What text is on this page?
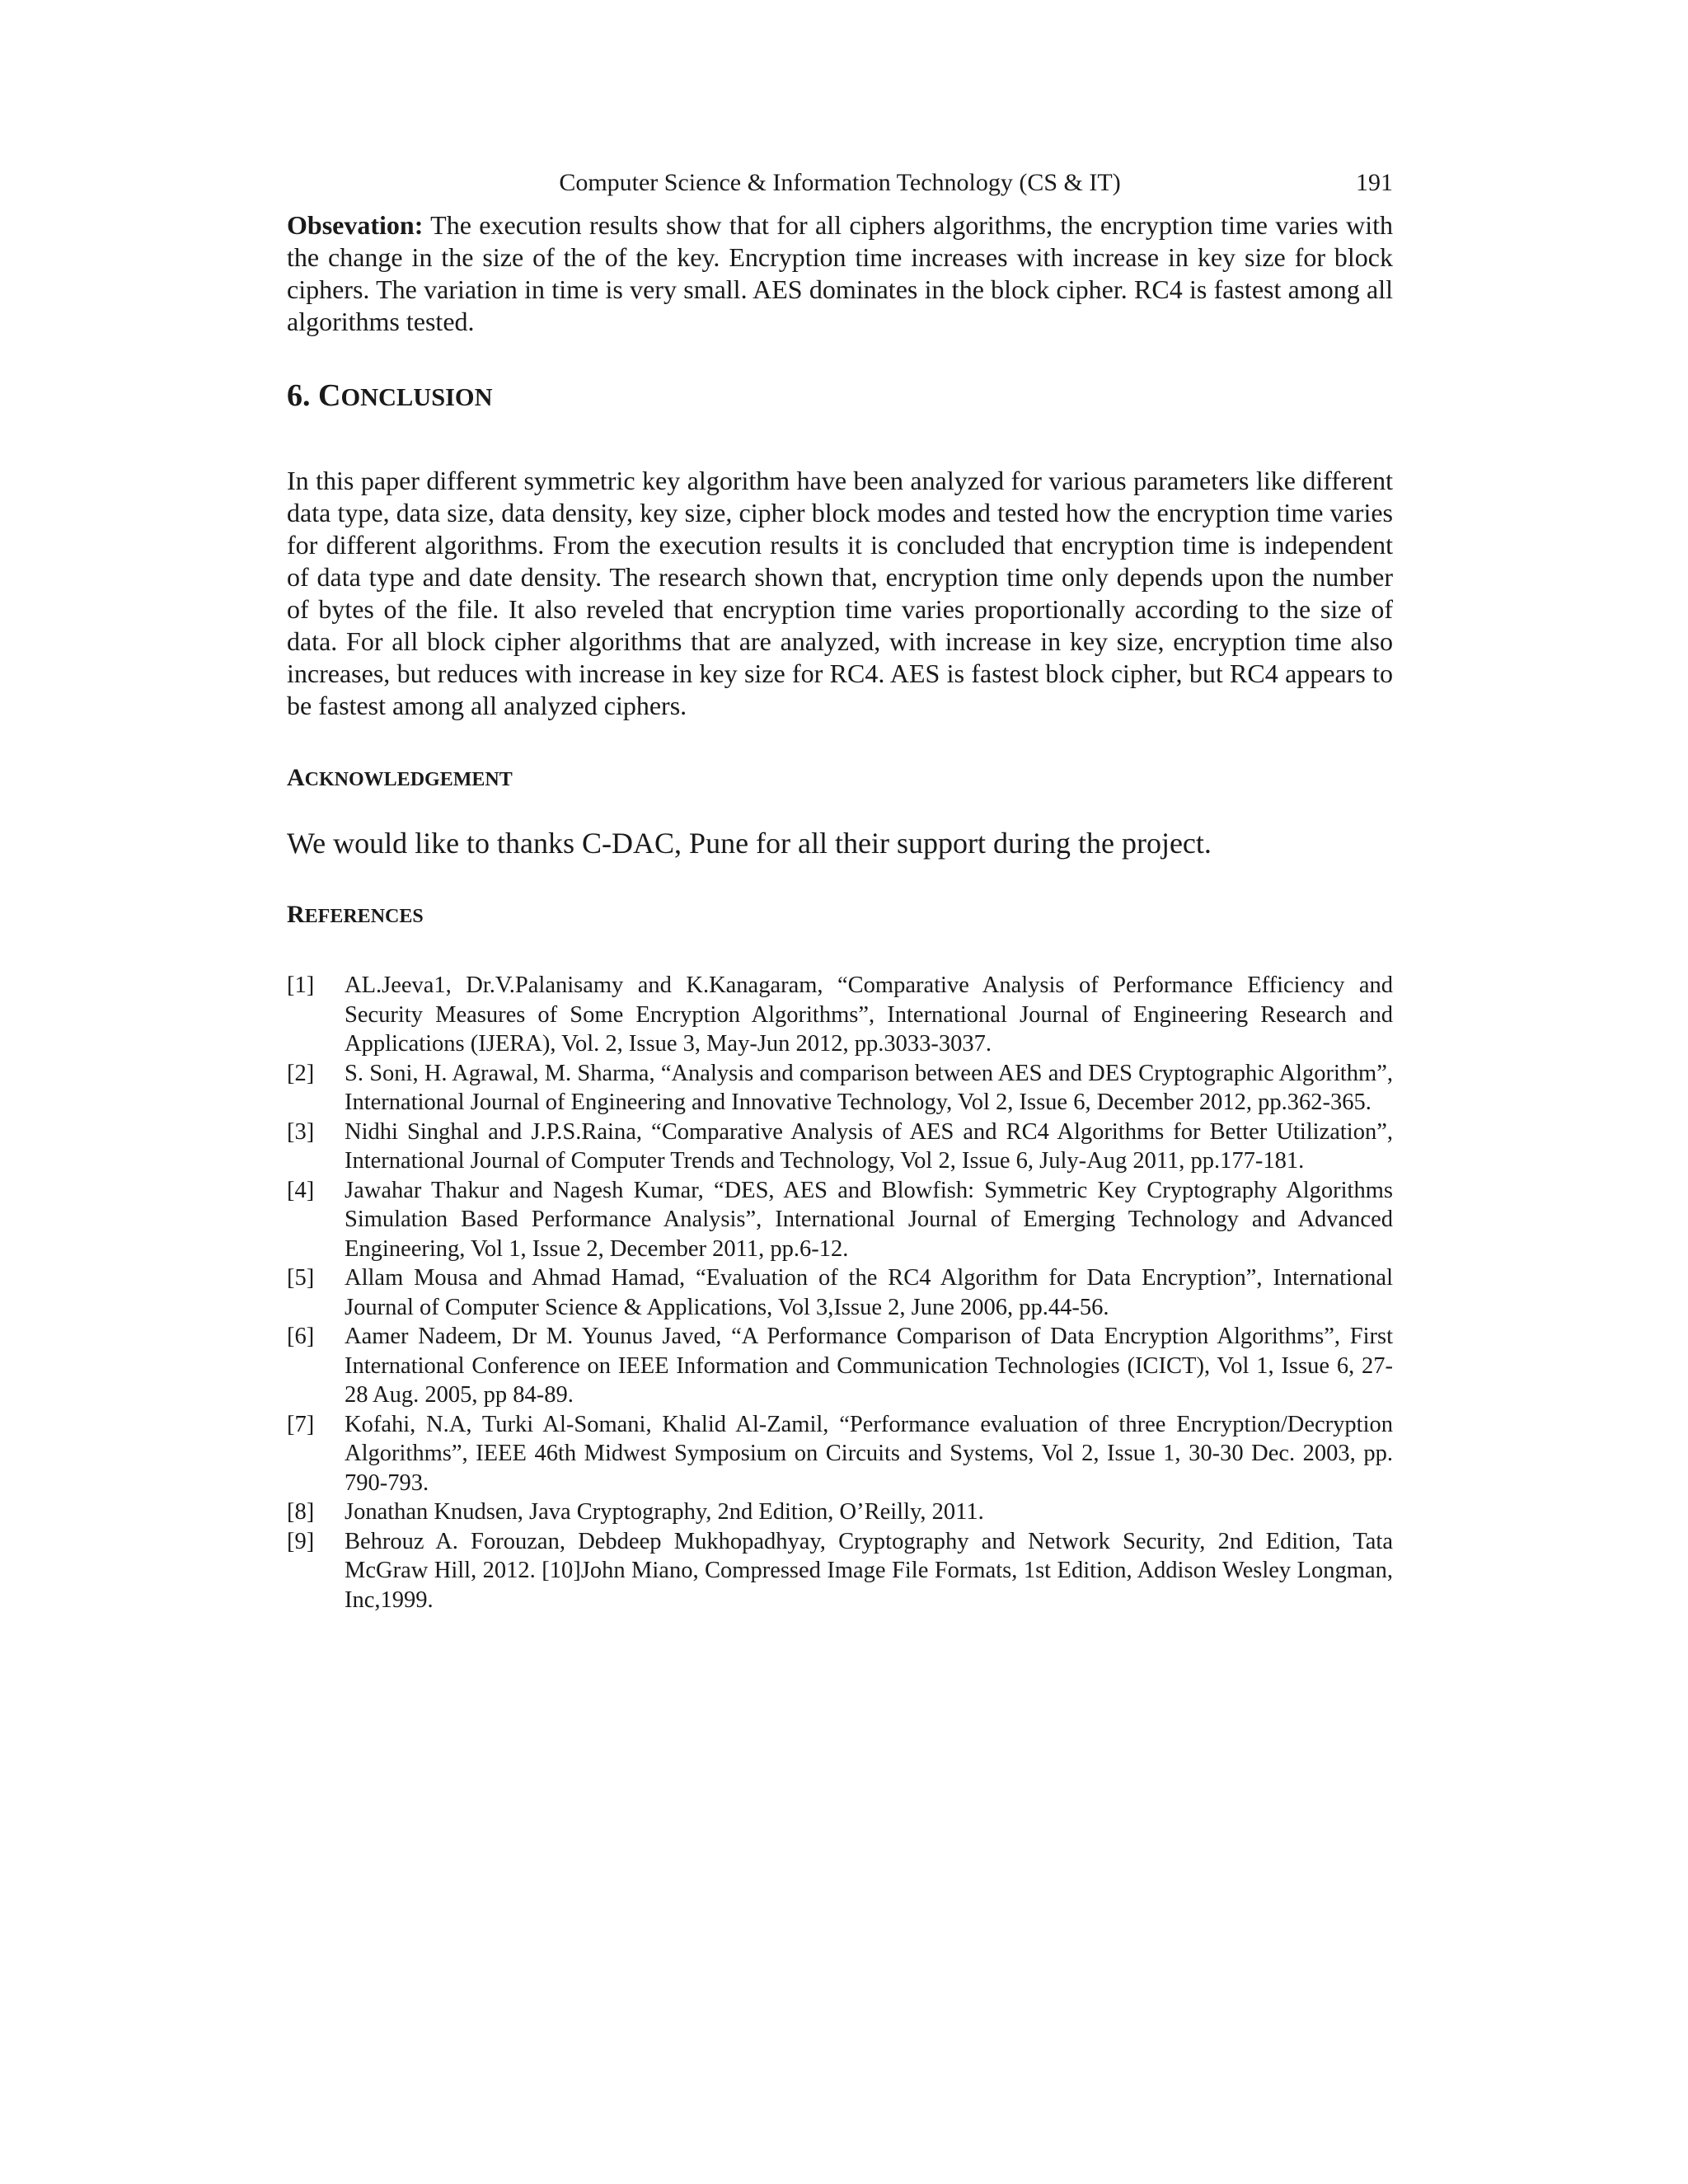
Computer Science & Information Technology (CS & IT)	191

Obsevation: The execution results show that for all ciphers algorithms, the encryption time varies with the change in the size of the of the key. Encryption time increases with increase in key size for block ciphers. The variation in time is very small. AES dominates in the block cipher. RC4 is fastest among all algorithms tested.

6. CONCLUSION

In this paper different symmetric key algorithm have been analyzed for various parameters like different data type, data size, data density, key size, cipher block modes and tested how the encryption time varies for different algorithms. From the execution results it is concluded that encryption time is independent of data type and date density. The research shown that, encryption time only depends upon the number of bytes of the file. It also reveled that encryption time varies proportionally according to the size of data. For all block cipher algorithms that are analyzed, with increase in key size, encryption time also increases, but reduces with increase in key size for RC4. AES is fastest block cipher, but RC4 appears to be fastest among all analyzed ciphers.

ACKNOWLEDGEMENT

We would like to thanks C-DAC, Pune for all their support during the project.

REFERENCES
[1] AL.Jeeva1, Dr.V.Palanisamy and K.Kanagaram, “Comparative Analysis of Performance Efficiency and Security Measures of Some Encryption Algorithms”, International Journal of Engineering Research and Applications (IJERA), Vol. 2, Issue 3, May-Jun 2012, pp.3033-3037.
[2] S. Soni, H. Agrawal, M. Sharma, “Analysis and comparison between AES and DES Cryptographic Algorithm”, International Journal of Engineering and Innovative Technology, Vol 2, Issue 6, December 2012, pp.362-365.
[3] Nidhi Singhal and J.P.S.Raina, “Comparative Analysis of AES and RC4 Algorithms for Better Utilization”, International Journal of Computer Trends and Technology, Vol 2, Issue 6, July-Aug 2011, pp.177-181.
[4] Jawahar Thakur and Nagesh Kumar, “DES, AES and Blowfish: Symmetric Key Cryptography Algorithms Simulation Based Performance Analysis”, International Journal of Emerging Technology and Advanced Engineering, Vol 1, Issue 2, December 2011, pp.6-12.
[5] Allam Mousa and Ahmad Hamad, “Evaluation of the RC4 Algorithm for Data Encryption”, International Journal of Computer Science & Applications, Vol 3,Issue 2, June 2006, pp.44-56.
[6] Aamer Nadeem, Dr M. Younus Javed, “A Performance Comparison of Data Encryption Algorithms”, First International Conference on IEEE Information and Communication Technologies (ICICT), Vol 1, Issue 6, 27-28 Aug. 2005, pp 84-89.
[7] Kofahi, N.A, Turki Al-Somani, Khalid Al-Zamil, “Performance evaluation of three Encryption/Decryption Algorithms”, IEEE 46th Midwest Symposium on Circuits and Systems, Vol 2, Issue 1, 30-30 Dec. 2003, pp. 790-793.
[8] Jonathan Knudsen, Java Cryptography, 2nd Edition, O’Reilly, 2011.
[9] Behrouz A. Forouzan, Debdeep Mukhopadhyay, Cryptography and Network Security, 2nd Edition, Tata McGraw Hill, 2012. [10]John Miano, Compressed Image File Formats, 1st Edition, Addison Wesley Longman, Inc,1999.
